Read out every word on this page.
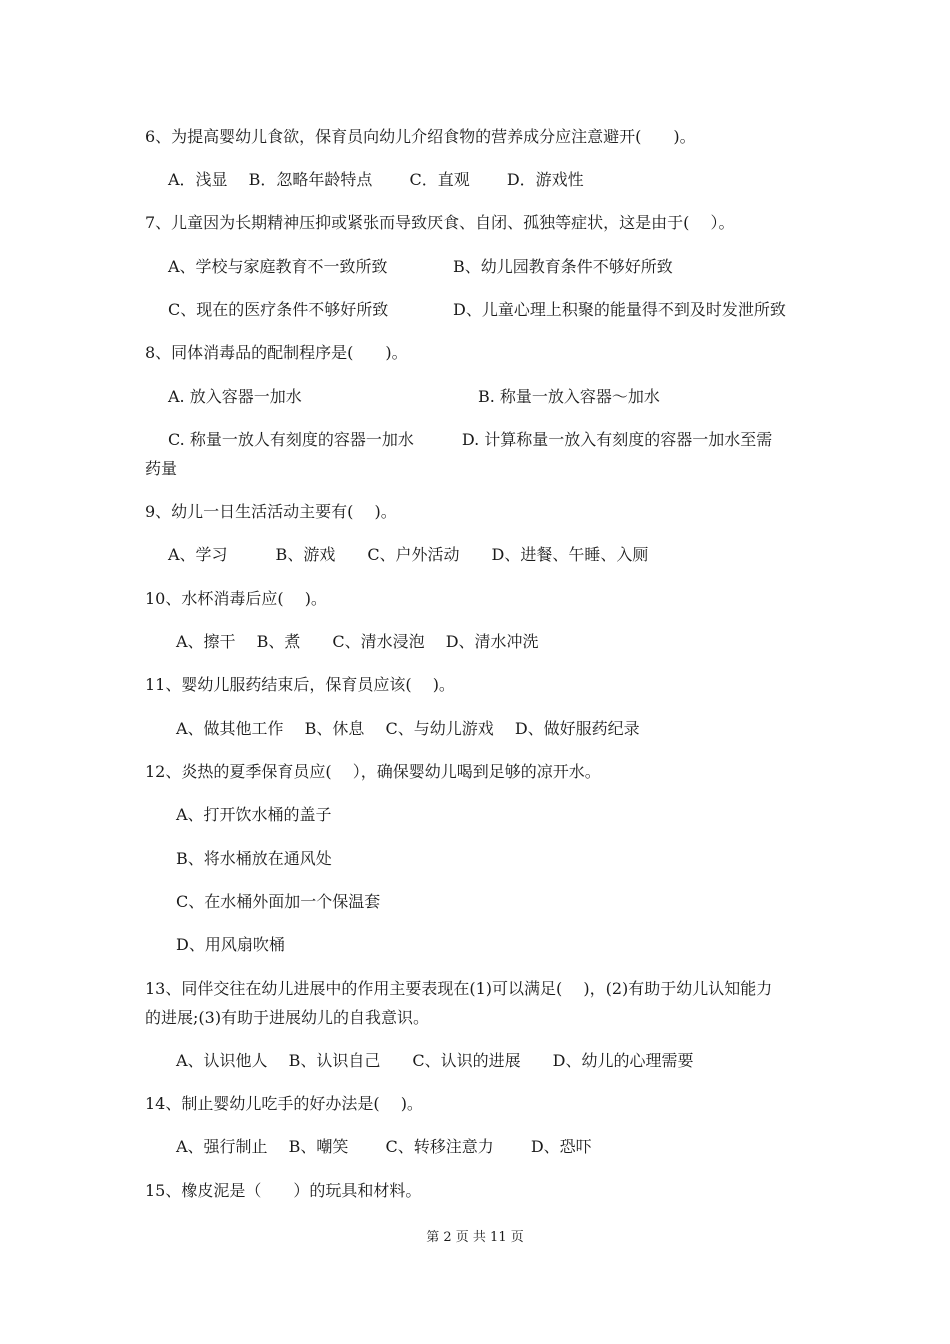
6、为提高婴幼儿食欲，保育员向幼儿介绍食物的营养成分应注意避开(　　)。
A．浅显　 B．忽略年龄特点　　 C．直观　　 D．游戏性
7、儿童因为长期精神压抑或紧张而导致厌食、自闭、孤独等症状，这是由于(　 ）。
A、学校与家庭教育不一致所致	B、幼儿园教育条件不够好所致
C、现在的医疗条件不够好所致	D、儿童心理上积聚的能量得不到及时发泄所致
8、同体消毒品的配制程序是(　　)。
A. 放入容器一加水	B. 称量一放入容器～加水
C. 称量一放人有刻度的容器一加水　　　D. 计算称量一放入有刻度的容器一加水至需
药量
9、幼儿一日生活活动主要有(　 )。
A、学习　　　B、游戏　　C、户外活动　　D、进餐、午睡、入厕
10、水杯消毒后应(　 )。
A、擦干　 B、煮　　C、清水浸泡　 D、清水冲洗
11、婴幼儿服药结束后，保育员应该(　 )。
A、做其他工作　 B、休息　 C、与幼儿游戏　 D、做好服药纪录
12、炎热的夏季保育员应(　 ），确保婴幼儿喝到足够的凉开水。
A、打开饮水桶的盖子
B、将水桶放在通风处
C、在水桶外面加一个保温套
D、用风扇吹桶
13、同伴交往在幼儿进展中的作用主要表现在(1)可以满足(　 )，(2)有助于幼儿认知能力
的进展;(3)有助于进展幼儿的自我意识。
A、认识他人　 B、认识自己　　C、认识的进展　　D、幼儿的心理需要
14、制止婴幼儿吃手的好办法是(　 )。
A、强行制止　 B、嘲笑　　 C、转移注意力　　 D、恐吓
15、橡皮泥是（　　）的玩具和材料。
第 2 页 共 11 页
